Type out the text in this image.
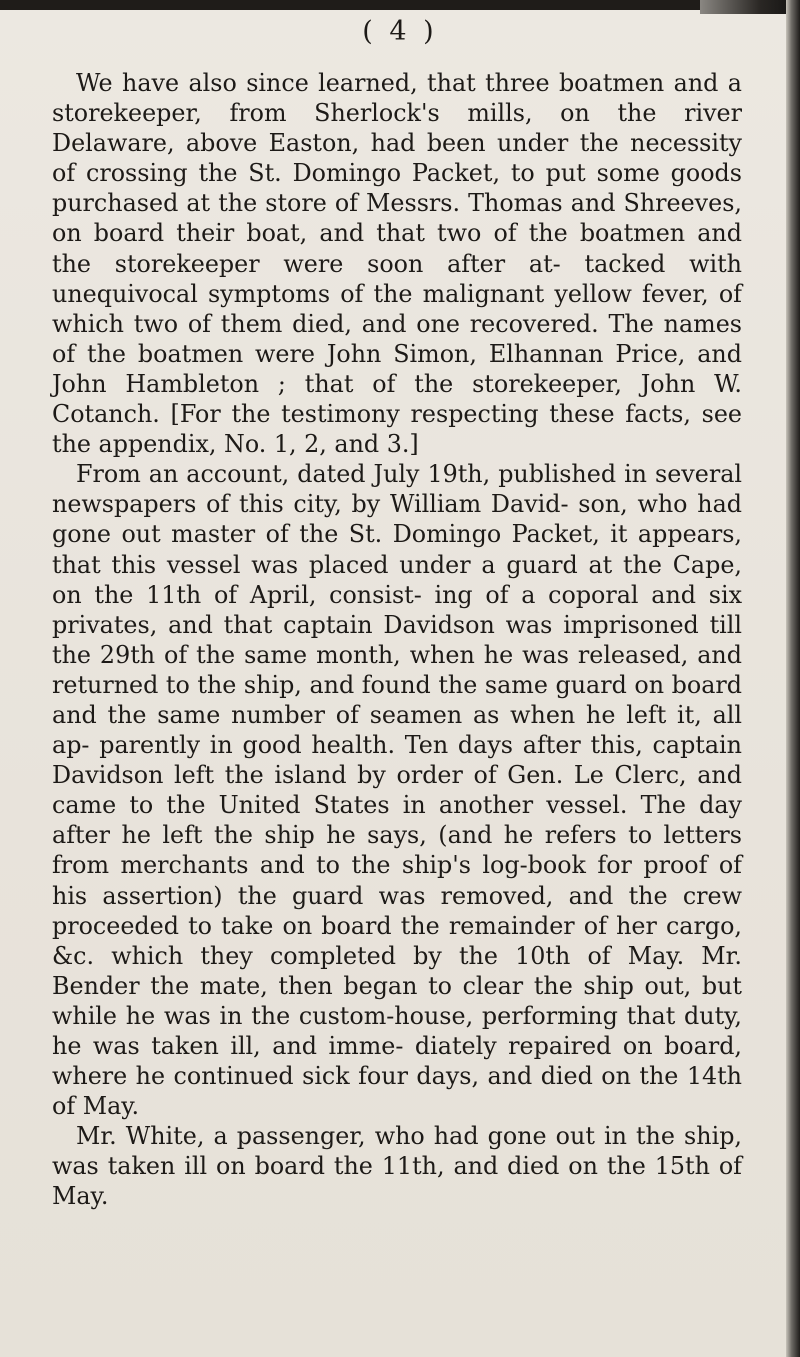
( 4 )

We have also since learned, that three boatmen and a storekeeper, from Sherlock's mills, on the river Delaware, above Easton, had been under the necessity of crossing the St. Domingo Packet, to put some goods purchased at the store of Messrs. Thomas and Shreeves, on board their boat, and that two of the boatmen and the storekeeper were soon after at- tacked with unequivocal symptoms of the malignant yellow fever, of which two of them died, and one recovered. The names of the boatmen were John Simon, Elhannan Price, and John Hambleton ; that of the storekeeper, John W. Cotanch. [For the testimony respecting these facts, see the appendix, No. 1, 2, and 3.]

From an account, dated July 19th, published in several newspapers of this city, by William David- son, who had gone out master of the St. Domingo Packet, it appears, that this vessel was placed under a guard at the Cape, on the 11th of April, consist- ing of a coporal and six privates, and that captain Davidson was imprisoned till the 29th of the same month, when he was released, and returned to the ship, and found the same guard on board and the same number of seamen as when he left it, all ap- parently in good health. Ten days after this, captain Davidson left the island by order of Gen. Le Clerc, and came to the United States in another vessel. The day after he left the ship he says, (and he refers to letters from merchants and to the ship's log-book for proof of his assertion) the guard was removed, and the crew proceeded to take on board the remainder of her cargo, &c. which they completed by the 10th of May. Mr. Bender the mate, then began to clear the ship out, but while he was in the custom-house, performing that duty, he was taken ill, and imme- diately repaired on board, where he continued sick four days, and died on the 14th of May.

Mr. White, a passenger, who had gone out in the ship, was taken ill on board the 11th, and died on the 15th of May.
